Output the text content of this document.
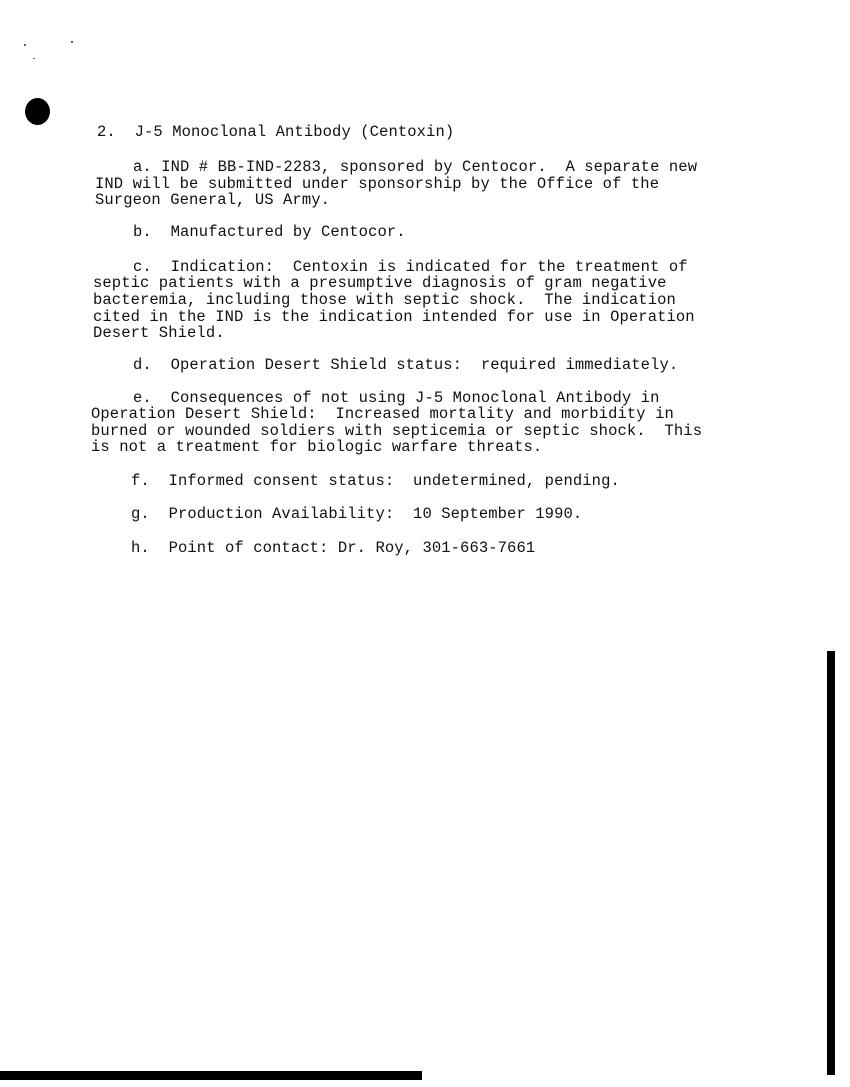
2.  J-5 Monoclonal Antibody (Centoxin)
a. IND # BB-IND-2283, sponsored by Centocor.  A separate new
IND will be submitted under sponsorship by the Office of the
Surgeon General, US Army.
b.  Manufactured by Centocor.
c.  Indication:  Centoxin is indicated for the treatment of
septic patients with a presumptive diagnosis of gram negative
bacteremia, including those with septic shock.  The indication
cited in the IND is the indication intended for use in Operation
Desert Shield.
d.  Operation Desert Shield status:  required immediately.
e.  Consequences of not using J-5 Monoclonal Antibody in
Operation Desert Shield:  Increased mortality and morbidity in
burned or wounded soldiers with septicemia or septic shock.  This
is not a treatment for biologic warfare threats.
f.  Informed consent status:  undetermined, pending.
g.  Production Availability:  10 September 1990.
h.  Point of contact: Dr. Roy, 301-663-7661
